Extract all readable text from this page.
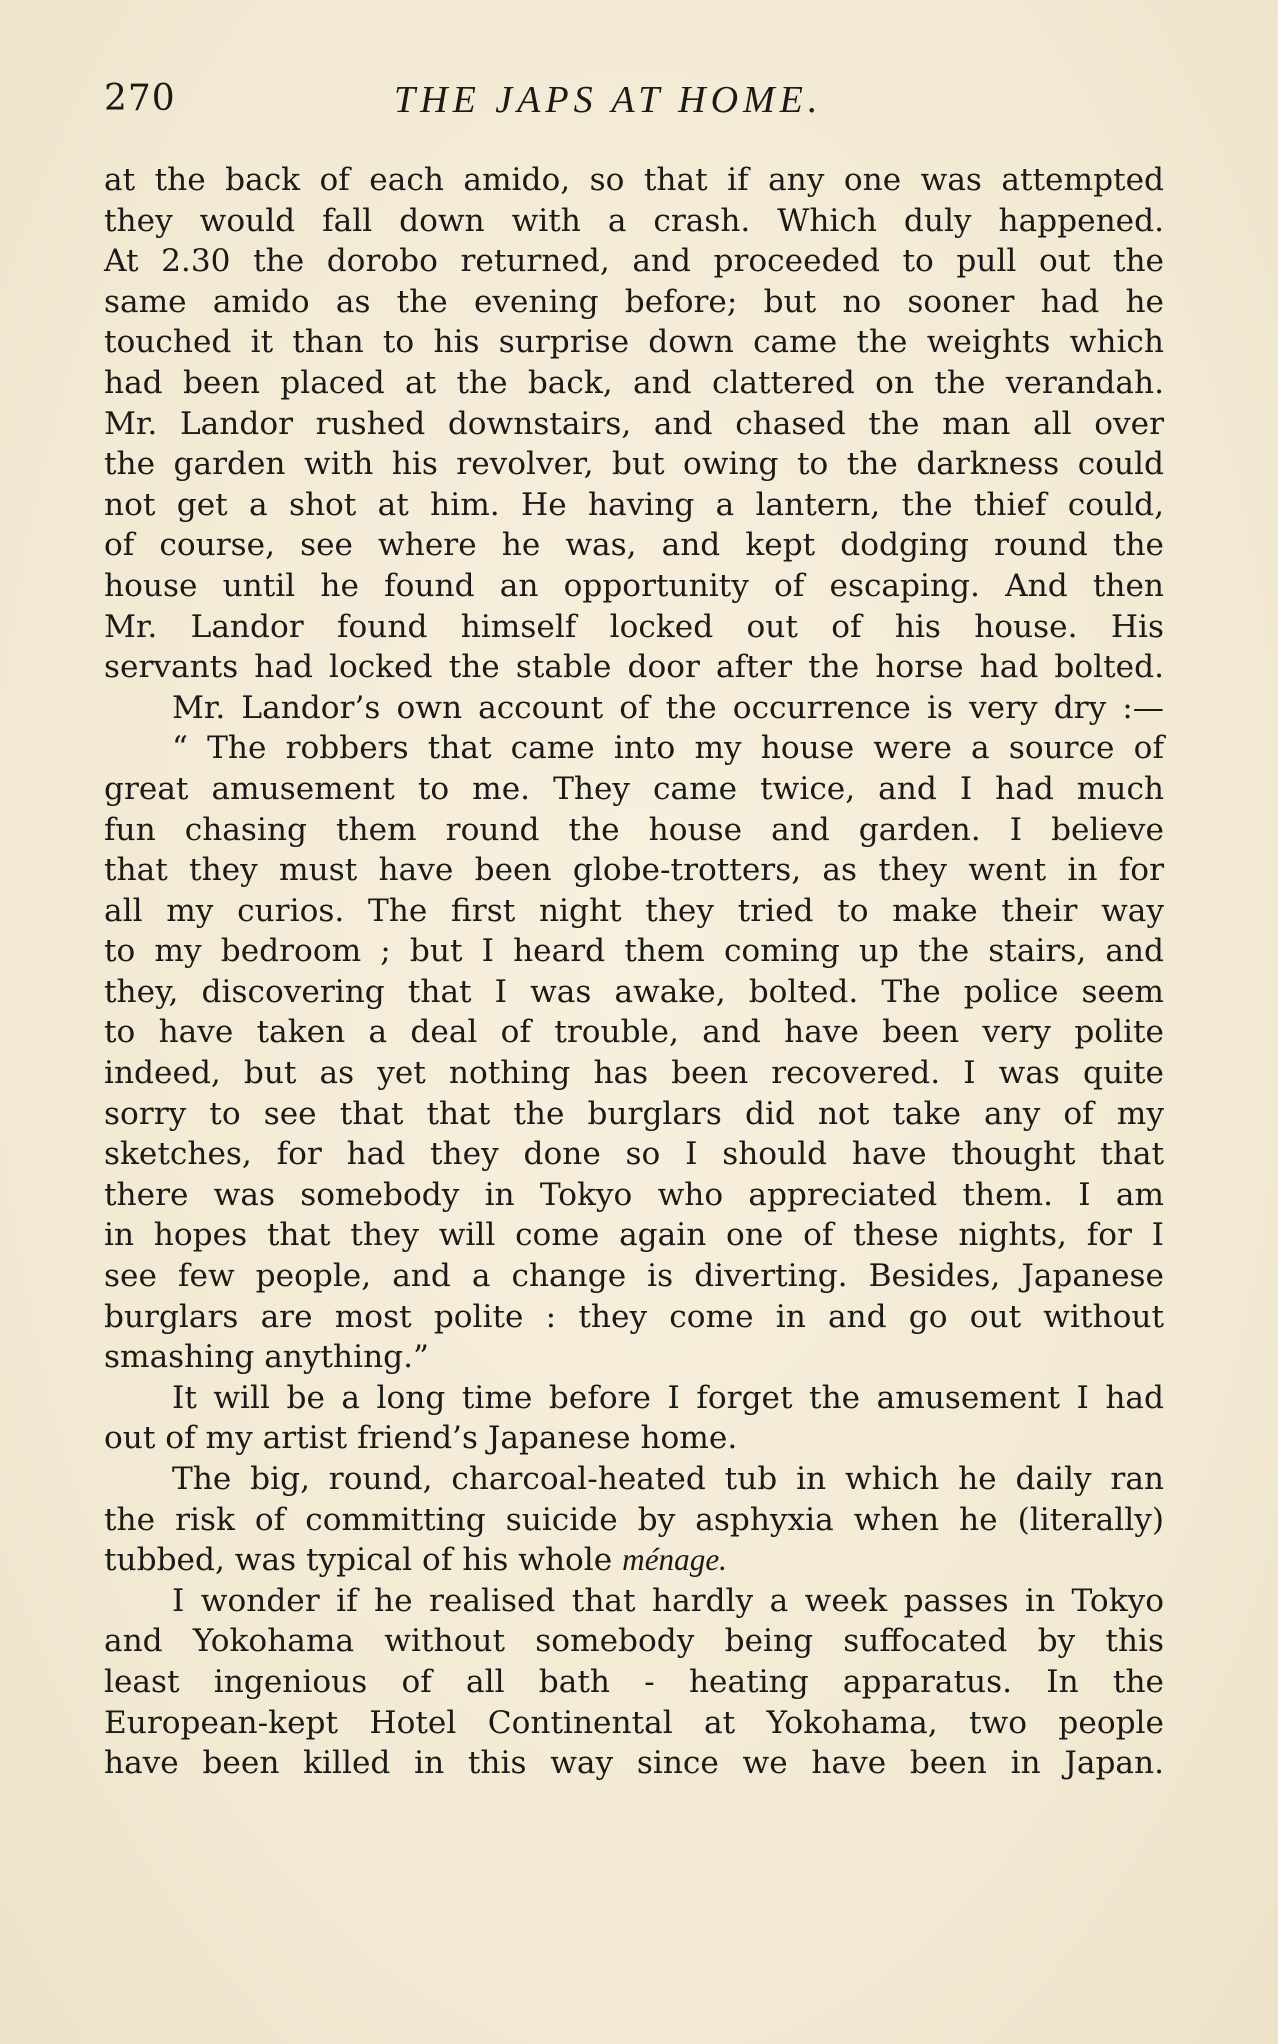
270	THE JAPS AT HOME.
at the back of each amido, so that if any one was attempted
they would fall down with a crash. Which duly happened.
At 2.30 the dorobo returned, and proceeded to pull out the
same amido as the evening before; but no sooner had he
touched it than to his surprise down came the weights which
had been placed at the back, and clattered on the verandah.
Mr. Landor rushed downstairs, and chased the man all over
the garden with his revolver, but owing to the darkness could
not get a shot at him. He having a lantern, the thief could,
of course, see where he was, and kept dodging round the
house until he found an opportunity of escaping. And then
Mr. Landor found himself locked out of his house. His
servants had locked the stable door after the horse had bolted.
Mr. Landor’s own account of the occurrence is very dry :—
“ The robbers that came into my house were a source of
great amusement to me. They came twice, and I had much
fun chasing them round the house and garden. I believe
that they must have been globe-trotters, as they went in for
all my curios. The first night they tried to make their way
to my bedroom ; but I heard them coming up the stairs, and
they, discovering that I was awake, bolted. The police seem
to have taken a deal of trouble, and have been very polite
indeed, but as yet nothing has been recovered. I was quite
sorry to see that that the burglars did not take any of my
sketches, for had they done so I should have thought that
there was somebody in Tokyo who appreciated them. I am
in hopes that they will come again one of these nights, for I
see few people, and a change is diverting. Besides, Japanese
burglars are most polite : they come in and go out without
smashing anything.”
It will be a long time before I forget the amusement I had
out of my artist friend’s Japanese home.
The big, round, charcoal-heated tub in which he daily ran
the risk of committing suicide by asphyxia when he (literally)
tubbed, was typical of his whole ménage.
I wonder if he realised that hardly a week passes in Tokyo
and Yokohama without somebody being suffocated by this
least ingenious of all bath - heating apparatus. In the
European-kept Hotel Continental at Yokohama, two people
have been killed in this way since we have been in Japan.
